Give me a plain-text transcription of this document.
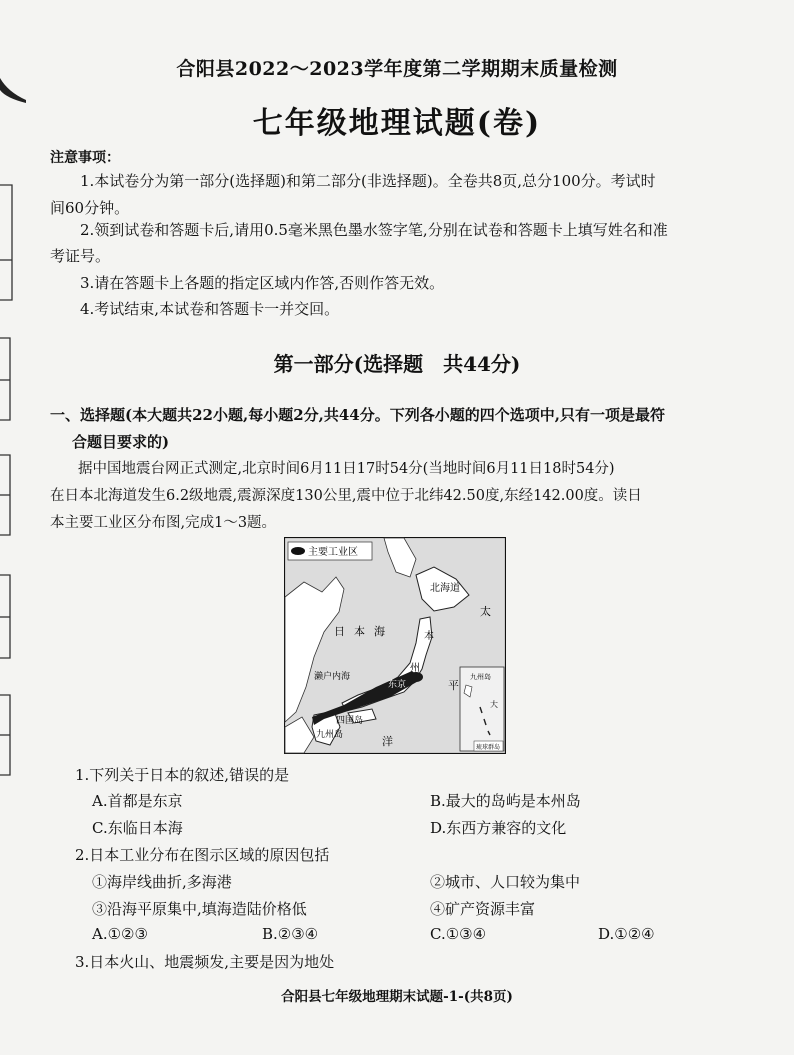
合阳县2022～2023学年度第二学期期末质量检测
七年级地理试题(卷)
注意事项：
1.本试卷分为第一部分(选择题)和第二部分(非选择题)。全卷共8页,总分100分。考试时
间60分钟。
2.领到试卷和答题卡后,请用0.5毫米黑色墨水签字笔,分别在试卷和答题卡上填写姓名和准
考证号。
3.请在答题卡上各题的指定区域内作答,否则作答无效。
4.考试结束,本试卷和答题卡一并交回。
第一部分(选择题　共44分)
一、选择题(本大题共22小题,每小题2分,共44分。下列各小题的四个选项中,只有一项是最符
合题目要求的)
据中国地震台网正式测定,北京时间6月11日17时54分(当地时间6月11日18时54分)
在日本北海道发生6.2级地震,震源深度130公里,震中位于北纬42.50度,东经142.00度。读日
本主要工业区分布图,完成1～3题。
主要工业区
北海道
日 本 海	本
州
濑户内海
东京
四国岛
九州岛
太
平
洋
九州岛
大
琉球群岛
1.下列关于日本的叙述,错误的是
A.首都是东京	B.最大的岛屿是本州岛
C.东临日本海	D.东西方兼容的文化
2.日本工业分布在图示区域的原因包括
①海岸线曲折,多海港	②城市、人口较为集中
③沿海平原集中,填海造陆价格低	④矿产资源丰富
A.①②③	B.②③④	C.①③④	D.①②④
3.日本火山、地震频发,主要是因为地处
合阳县七年级地理期末试题-1-(共8页)
